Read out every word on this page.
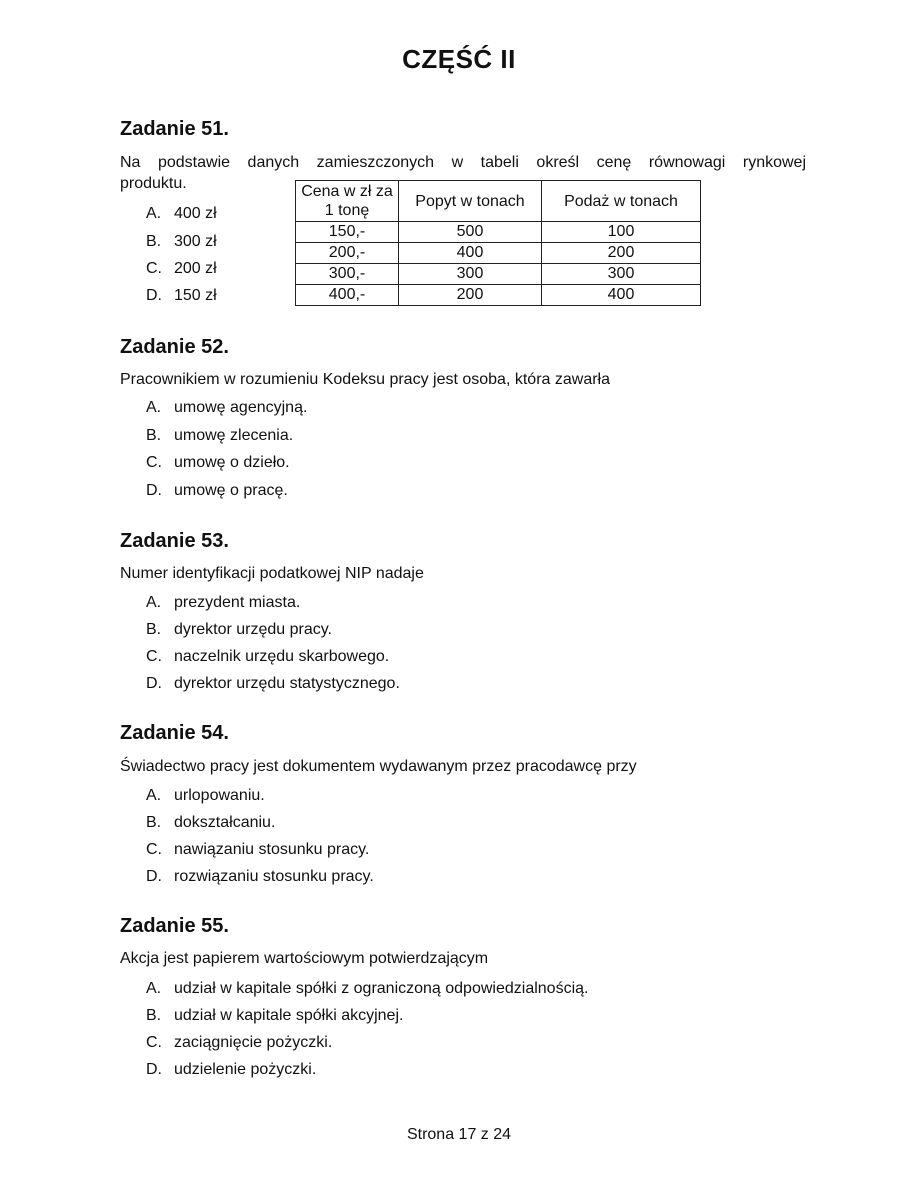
CZĘŚĆ II
Zadanie 51.
Na podstawie danych zamieszczonych w tabeli określ cenę równowagi rynkowej
produktu.
A. 400 zł
B. 300 zł
C. 200 zł
D. 150 zł
Cena w zł za 1 tonę	Popyt w tonach	Podaż w tonach
150,-	500	100
200,-	400	200
300,-	300	300
400,-	200	400
Zadanie 52.
Pracownikiem w rozumieniu Kodeksu pracy jest osoba, która zawarła
A. umowę agencyjną.
B. umowę zlecenia.
C. umowę o dzieło.
D. umowę o pracę.
Zadanie 53.
Numer identyfikacji podatkowej NIP nadaje
A. prezydent miasta.
B. dyrektor urzędu pracy.
C. naczelnik urzędu skarbowego.
D. dyrektor urzędu statystycznego.
Zadanie 54.
Świadectwo pracy jest dokumentem wydawanym przez pracodawcę przy
A. urlopowaniu.
B. dokształcaniu.
C. nawiązaniu stosunku pracy.
D. rozwiązaniu stosunku pracy.
Zadanie 55.
Akcja jest papierem wartościowym potwierdzającym
A. udział w kapitale spółki z ograniczoną odpowiedzialnością.
B. udział w kapitale spółki akcyjnej.
C. zaciągnięcie pożyczki.
D. udzielenie pożyczki.
Strona 17 z 24
